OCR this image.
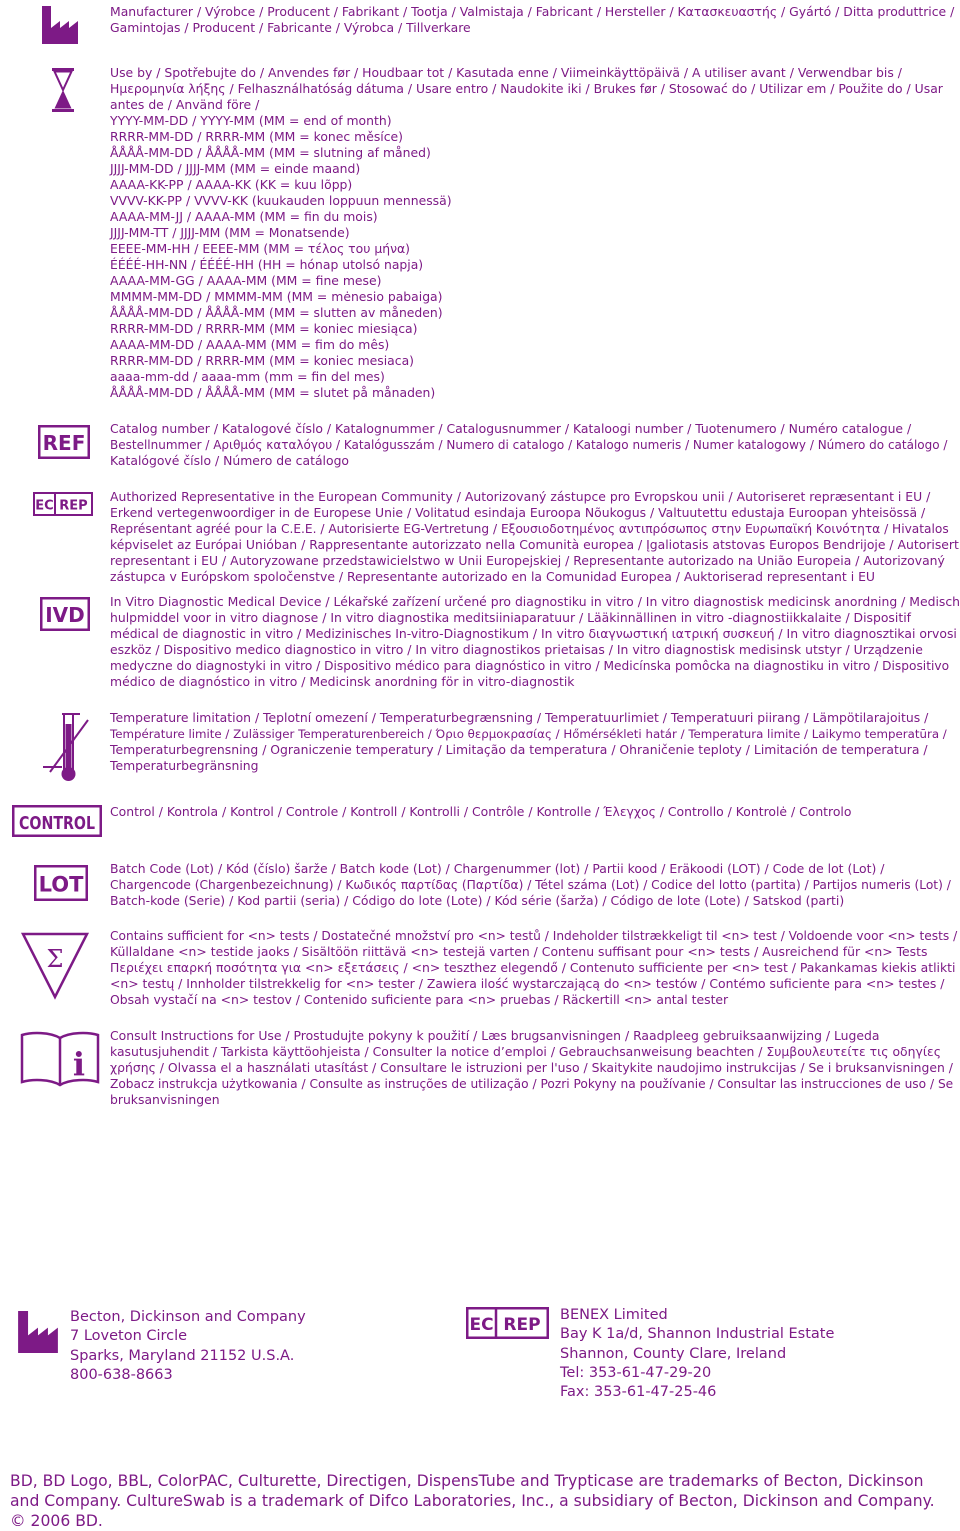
REF
EC REP
IVD
CONTROL
LOT
Σ
i
Manufacturer / Výrobce / Producent / Fabrikant / Tootja / Valmistaja / Fabricant / Hersteller / Κατασκευαστής / Gyártó / Ditta produttrice /
Gamintojas / Producent / Fabricante / Výrobca / Tillverkare
Use by / Spotřebujte do / Anvendes før / Houdbaar tot / Kasutada enne / Viimeinkäyttöpäivä / A utiliser avant / Verwendbar bis /
Ημερομηνία λήξης / Felhasználhatóság dátuma / Usare entro / Naudokite iki / Brukes før / Stosować do / Utilizar em / Použite do / Usar
antes de / Använd före /
YYYY-MM-DD / YYYY-MM (MM = end of month)
RRRR-MM-DD / RRRR-MM (MM = konec měsíce)
ÅÅÅÅ-MM-DD / ÅÅÅÅ-MM (MM = slutning af måned)
JJJJ-MM-DD / JJJJ-MM (MM = einde maand)
AAAA-KK-PP / AAAA-KK (KK = kuu lõpp)
VVVV-KK-PP / VVVV-KK (kuukauden loppuun mennessä)
AAAA-MM-JJ / AAAA-MM (MM = fin du mois)
JJJJ-MM-TT / JJJJ-MM (MM = Monatsende)
EEEE-MM-HH / EEEE-MM (MM = τέλος του μήνα)
ÉÉÉÉ-HH-NN / ÉÉÉÉ-HH (HH = hónap utolsó napja)
AAAA-MM-GG / AAAA-MM (MM = fine mese)
MMMM-MM-DD / MMMM-MM (MM = mėnesio pabaiga)
ÅÅÅÅ-MM-DD / ÅÅÅÅ-MM (MM = slutten av måneden)
RRRR-MM-DD / RRRR-MM (MM = koniec miesiąca)
AAAA-MM-DD / AAAA-MM (MM = fim do mês)
RRRR-MM-DD / RRRR-MM (MM = koniec mesiaca)
aaaa-mm-dd / aaaa-mm (mm = fin del mes)
ÅÅÅÅ-MM-DD / ÅÅÅÅ-MM (MM = slutet på månaden)
Catalog number / Katalogové číslo / Katalognummer / Catalogusnummer / Kataloogi number / Tuotenumero / Numéro catalogue /
Bestellnummer / Αριθμός καταλόγου / Katalógusszám / Numero di catalogo / Katalogo numeris / Numer katalogowy / Número do catálogo /
Katalógové číslo / Número de catálogo
Authorized Representative in the European Community / Autorizovaný zástupce pro Evropskou unii / Autoriseret repræsentant i EU /
Erkend vertegenwoordiger in de Europese Unie / Volitatud esindaja Euroopa Nõukogus / Valtuutettu edustaja Euroopan yhteisössä /
Représentant agréé pour la C.E.E. / Autorisierte EG-Vertretung / Εξουσιοδοτημένος αντιπρόσωπος στην Ευρωπαϊκή Κοινότητα / Hivatalos
képviselet az Európai Unióban / Rappresentante autorizzato nella Comunità europea / Įgaliotasis atstovas Europos Bendrijoje / Autorisert
representant i EU / Autoryzowane przedstawicielstwo w Unii Europejskiej / Representante autorizado na União Europeia / Autorizovaný
zástupca v Európskom spoločenstve / Representante autorizado en la Comunidad Europea / Auktoriserad representant i EU
In Vitro Diagnostic Medical Device / Lékařské zařízení určené pro diagnostiku in vitro / In vitro diagnostisk medicinsk anordning / Medisch
hulpmiddel voor in vitro diagnose / In vitro diagnostika meditsiiniaparatuur / Lääkinnällinen in vitro -diagnostiikkalaite / Dispositif
médical de diagnostic in vitro / Medizinisches In-vitro-Diagnostikum / In vitro διαγνωστική ιατρική συσκευή / In vitro diagnosztikai orvosi
eszköz / Dispositivo medico diagnostico in vitro / In vitro diagnostikos prietaisas / In vitro diagnostisk medisinsk utstyr / Urządzenie
medyczne do diagnostyki in vitro / Dispositivo médico para diagnóstico in vitro / Medicínska pomôcka na diagnostiku in vitro / Dispositivo
médico de diagnóstico in vitro / Medicinsk anordning för in vitro-diagnostik
Temperature limitation / Teplotní omezení / Temperaturbegrænsning / Temperatuurlimiet / Temperatuuri piirang / Lämpötilarajoitus /
Température limite / Zulässiger Temperaturenbereich / Όριο θερμοκρασίας / Hőmérsékleti határ / Temperatura limite / Laikymo temperatūra /
Temperaturbegrensning / Ograniczenie temperatury / Limitação da temperatura / Ohraničenie teploty / Limitación de temperatura /
Temperaturbegränsning
Control / Kontrola / Kontrol / Controle / Kontroll / Kontrolli / Contrôle / Kontrolle / Έλεγχος / Controllo / Kontrolė / Controlo
Batch Code (Lot) / Kód (číslo) šarže / Batch kode (Lot) / Chargenummer (lot) / Partii kood / Eräkoodi (LOT) / Code de lot (Lot) /
Chargencode (Chargenbezeichnung) / Κωδικός παρτίδας (Παρτίδα) / Tétel száma (Lot) / Codice del lotto (partita) / Partijos numeris (Lot) /
Batch-kode (Serie) / Kod partii (seria) / Código do lote (Lote) / Kód série (šarža) / Código de lote (Lote) / Satskod (parti)
Contains sufficient for <n> tests / Dostatečné množství pro <n> testů / Indeholder tilstrækkeligt til <n> test / Voldoende voor <n> tests /
Küllaldane <n> testide jaoks / Sisältöön riittävä <n> testejä varten / Contenu suffisant pour <n> tests / Ausreichend für <n> Tests
Περιέχει επαρκή ποσότητα για <n> εξετάσεις / <n> teszthez elegendő / Contenuto sufficiente per <n> test / Pakankamas kiekis atlikti
<n> testų / Innholder tilstrekkelig for <n> tester / Zawiera ilość wystarczającą do <n> testów / Contémo suficiente para <n> testes /
Obsah vystačí na <n> testov / Contenido suficiente para <n> pruebas / Räckertill <n> antal tester
Consult Instructions for Use / Prostudujte pokyny k použití / Læs brugsanvisningen / Raadpleeg gebruiksaanwijzing / Lugeda
kasutusjuhendit / Tarkista käyttöohjeista / Consulter la notice d’emploi / Gebrauchsanweisung beachten / Συμβουλευτείτε τις οδηγίες
χρήσης / Olvassa el a használati utasítást / Consultare le istruzioni per l'uso / Skaitykite naudojimo instrukcijas / Se i bruksanvisningen /
Zobacz instrukcja użytkowania / Consulte as instruções de utilização / Pozri Pokyny na používanie / Consultar las instrucciones de uso / Se
bruksanvisningen
Becton, Dickinson and Company
7 Loveton Circle
Sparks, Maryland 21152 U.S.A.
800-638-8663
EC REP BENEX Limited
Bay K 1a/d, Shannon Industrial Estate
Shannon, County Clare, Ireland
Tel: 353-61-47-29-20
Fax: 353-61-47-25-46
BD, BD Logo, BBL, ColorPAC, Culturette, Directigen, DispensTube and Trypticase are trademarks of Becton, Dickinson
and Company. CultureSwab is a trademark of Difco Laboratories, Inc., a subsidiary of Becton, Dickinson and Company.
© 2006 BD.
